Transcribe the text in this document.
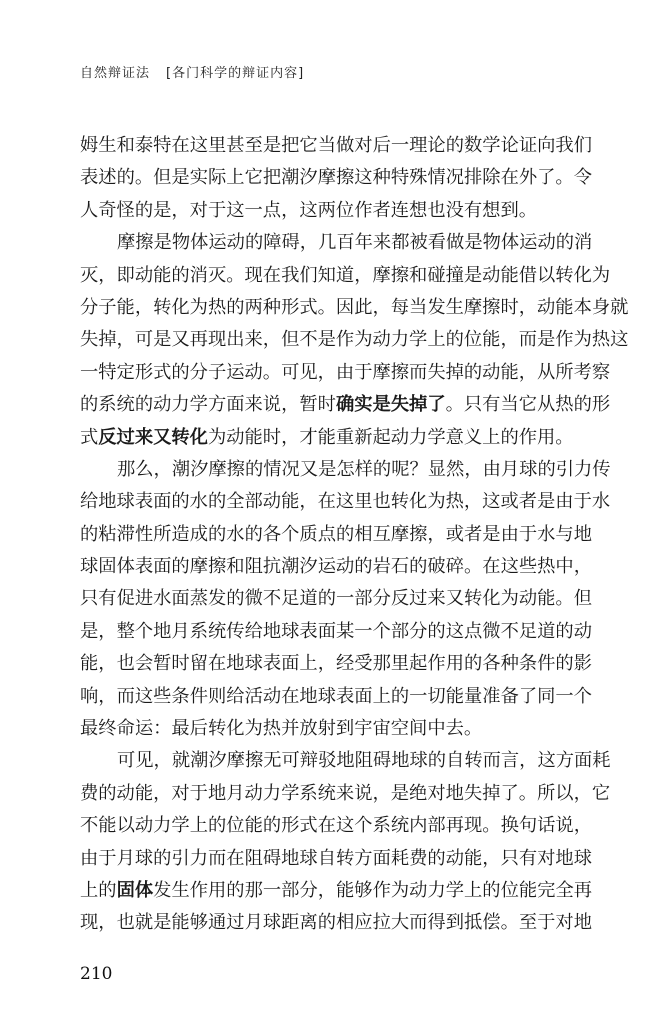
自然辩证法 [各门科学的辩证内容]
姆生和泰特在这里甚至是把它当做对后一理论的数学论证向我们
表述的。但是实际上它把潮汐摩擦这种特殊情况排除在外了。令
人奇怪的是，对于这一点，这两位作者连想也没有想到。
摩擦是物体运动的障碍，几百年来都被看做是物体运动的消
灭，即动能的消灭。现在我们知道，摩擦和碰撞是动能借以转化为
分子能，转化为热的两种形式。因此，每当发生摩擦时，动能本身就
失掉，可是又再现出来，但不是作为动力学上的位能，而是作为热这
一特定形式的分子运动。可见，由于摩擦而失掉的动能，从所考察
的系统的动力学方面来说，暂时确实是失掉了。只有当它从热的形
式反过来又转化为动能时，才能重新起动力学意义上的作用。
那么，潮汐摩擦的情况又是怎样的呢？显然，由月球的引力传
给地球表面的水的全部动能，在这里也转化为热，这或者是由于水
的粘滞性所造成的水的各个质点的相互摩擦，或者是由于水与地
球固体表面的摩擦和阻抗潮汐运动的岩石的破碎。在这些热中，
只有促进水面蒸发的微不足道的一部分反过来又转化为动能。但
是，整个地月系统传给地球表面某一个部分的这点微不足道的动
能，也会暂时留在地球表面上，经受那里起作用的各种条件的影
响，而这些条件则给活动在地球表面上的一切能量准备了同一个
最终命运：最后转化为热并放射到宇宙空间中去。
可见，就潮汐摩擦无可辩驳地阻碍地球的自转而言，这方面耗
费的动能，对于地月动力学系统来说，是绝对地失掉了。所以，它
不能以动力学上的位能的形式在这个系统内部再现。换句话说，
由于月球的引力而在阻碍地球自转方面耗费的动能，只有对地球
上的固体发生作用的那一部分，能够作为动力学上的位能完全再
现，也就是能够通过月球距离的相应拉大而得到抵偿。至于对地
210
